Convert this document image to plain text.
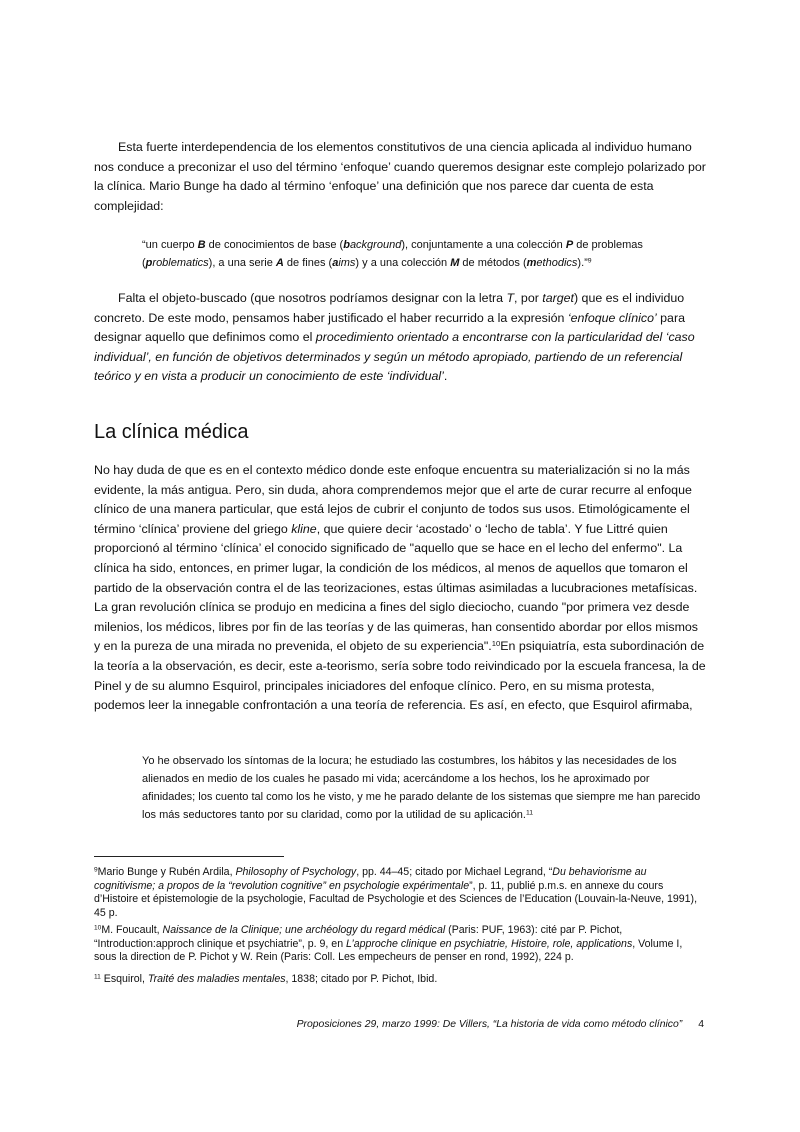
Esta fuerte interdependencia de los elementos constitutivos de una ciencia aplicada al individuo humano nos conduce a preconizar el uso del término ‘enfoque’ cuando queremos designar este complejo polarizado por la clínica. Mario Bunge ha dado al término ‘enfoque’ una definición que nos parece dar cuenta de esta complejidad:

“un cuerpo B de conocimientos de base (background), conjuntamente a una colección P de problemas (problematics), a una serie A de fines (aims) y a una colección M de métodos (methodics).”$^9$

Falta el objeto-buscado (que nosotros podríamos designar con la letra T, por target) que es el individuo concreto. De este modo, pensamos haber justificado el haber recurrido a la expresión ‘enfoque clínico’ para designar aquello que definimos como el procedimiento orientado a encontrarse con la particularidad del ‘caso individual’, en función de objetivos determinados y según un método apropiado, partiendo de un referencial teórico y en vista a producir un conocimiento de este ‘individual’.

La clínica médica

No hay duda de que es en el contexto médico donde este enfoque encuentra su materialización si no la más evidente, la más antigua. Pero, sin duda, ahora comprendemos mejor que el arte de curar recurre al enfoque clínico de una manera particular, que está lejos de cubrir el conjunto de todos sus usos. Etimológicamente el término ‘clínica’ proviene del griego kline, que quiere decir ‘acostado’ o ‘lecho de tabla’. Y fue Littré quien proporcionó al término ‘clínica’ el conocido significado de "aquello que se hace en el lecho del enfermo". La clínica ha sido, entonces, en primer lugar, la condición de los médicos, al menos de aquellos que tomaron el partido de la observación contra el de las teorizaciones, estas últimas asimiladas a lucubraciones metafísicas. La gran revolución clínica se produjo en medicina a fines del siglo dieciocho, cuando "por primera vez desde milenios, los médicos, libres por fin de las teorías y de las quimeras, han consentido abordar por ellos mismos y en la pureza de una mirada no prevenida, el objeto de su experiencia".$^{10}$En psiquiatría, esta subordinación de la teoría a la observación, es decir, este a-teorismo, sería sobre todo reivindicado por la escuela francesa, la de Pinel y de su alumno Esquirol, principales iniciadores del enfoque clínico. Pero, en su misma protesta, podemos leer la innegable confrontación a una teoría de referencia. Es así, en efecto, que Esquirol afirmaba,

Yo he observado los síntomas de la locura; he estudiado las costumbres, los hábitos y las necesidades de los alienados en medio de los cuales he pasado mi vida; acercándome a los hechos, los he aproximado por afinidades; los cuento tal como los he visto, y me he parado delante de los sistemas que siempre me han parecido los más seductores tanto por su claridad, como por la utilidad de su aplicación.$^{11}$

$^9$Mario Bunge y Rubén Ardila, Philosophy of Psychology, pp. 44–45; citado por Michael Legrand, “Du behaviorisme au cognitivisme; a propos de la “revolution cognitive” en psychologie expérimentale”, p. 11, publié p.m.s. en annexe du cours d’Histoire et épistemologie de la psychologie, Facultad de Psychologie et des Sciences de l’Education (Louvain-la-Neuve, 1991), 45 p.

$^{10}$M. Foucault, Naissance de la Clinique; une archéology du regard médical (Paris: PUF, 1963): cité par P. Pichot, “Introduction:approch clinique et psychiatrie”, p. 9, en L’approche clinique en psychiatrie, Histoire, role, applications, Volume I, sous la direction de P. Pichot y W. Rein (Paris: Coll. Les empecheurs de penser en rond, 1992), 224 p.

$^{11}$ Esquirol, Traité des maladies mentales, 1838; citado por P. Pichot, Ibid.

Proposiciones 29, marzo 1999: De Villers, “La historia de vida como método clínico” 4
